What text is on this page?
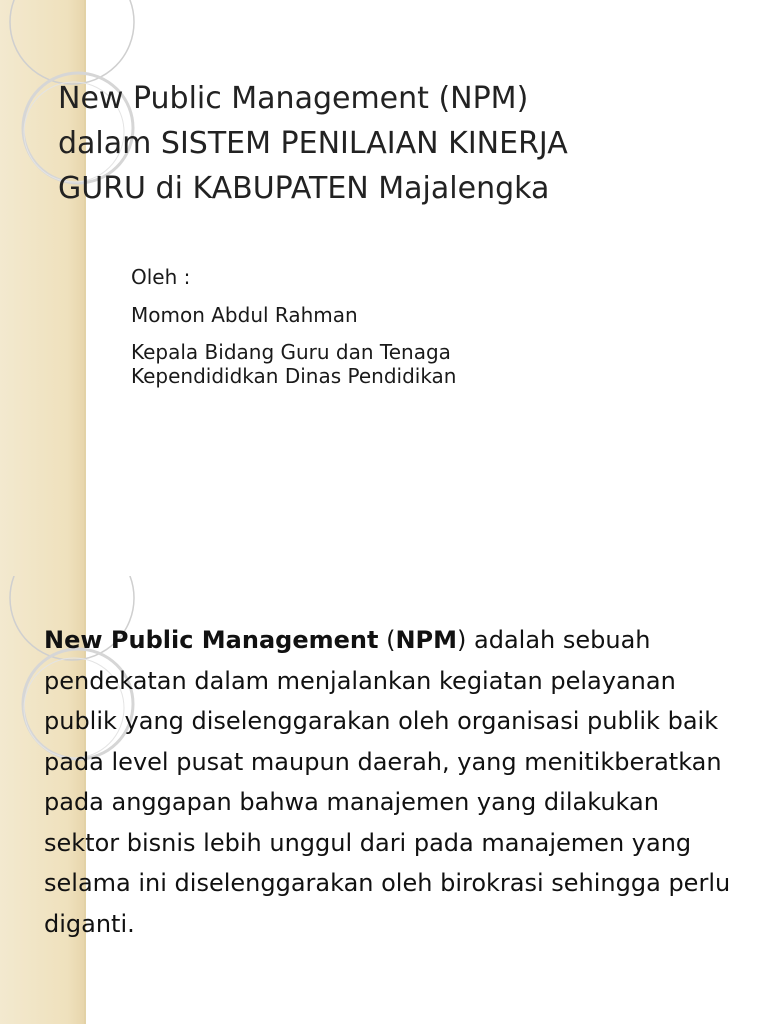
New Public Management (NPM)
dalam SISTEM PENILAIAN KINERJA
GURU di KABUPATEN Majalengka

Oleh :

Momon Abdul Rahman

Kepala Bidang Guru dan Tenaga
Kependididkan Dinas Pendidikan

New Public Management (NPM) adalah sebuah pendekatan dalam menjalankan kegiatan pelayanan publik yang diselenggarakan oleh organisasi publik baik pada level pusat maupun daerah, yang menitikberatkan pada anggapan bahwa manajemen yang dilakukan sektor bisnis lebih unggul dari pada manajemen yang selama ini diselenggarakan oleh birokrasi sehingga perlu diganti.
